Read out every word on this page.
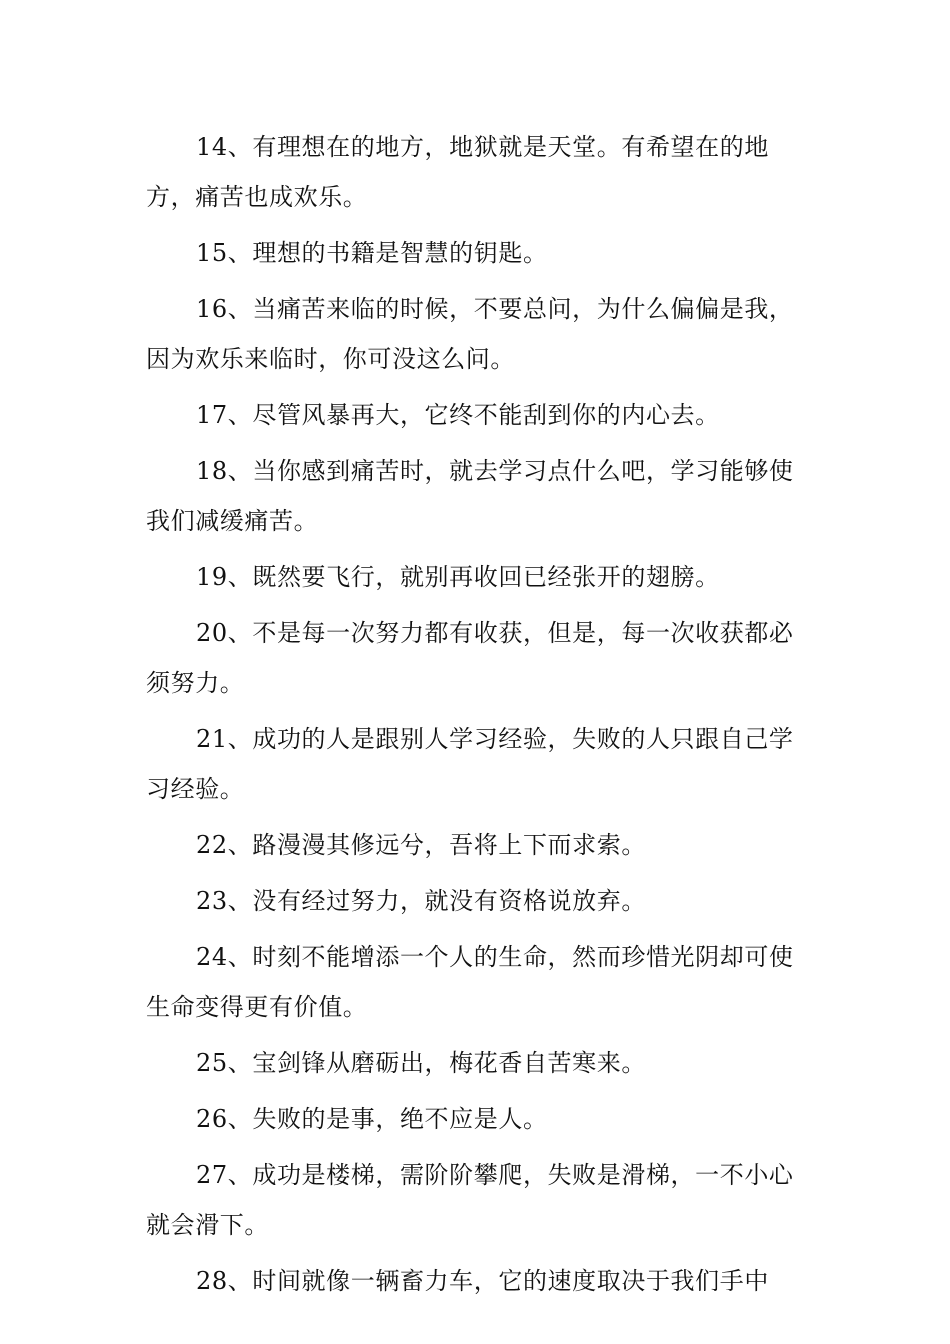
14、有理想在的地方，地狱就是天堂。有希望在的地方，痛苦也成欢乐。

15、理想的书籍是智慧的钥匙。

16、当痛苦来临的时候，不要总问，为什么偏偏是我，因为欢乐来临时，你可没这么问。

17、尽管风暴再大，它终不能刮到你的内心去。

18、当你感到痛苦时，就去学习点什么吧，学习能够使我们减缓痛苦。

19、既然要飞行，就别再收回已经张开的翅膀。

20、不是每一次努力都有收获，但是，每一次收获都必须努力。

21、成功的人是跟别人学习经验，失败的人只跟自己学习经验。

22、路漫漫其修远兮，吾将上下而求索。

23、没有经过努力，就没有资格说放弃。

24、时刻不能增添一个人的生命，然而珍惜光阴却可使生命变得更有价值。

25、宝剑锋从磨砺出，梅花香自苦寒来。

26、失败的是事，绝不应是人。

27、成功是楼梯，需阶阶攀爬，失败是滑梯，一不小心就会滑下。

28、时间就像一辆畜力车，它的速度取决于我们手中
